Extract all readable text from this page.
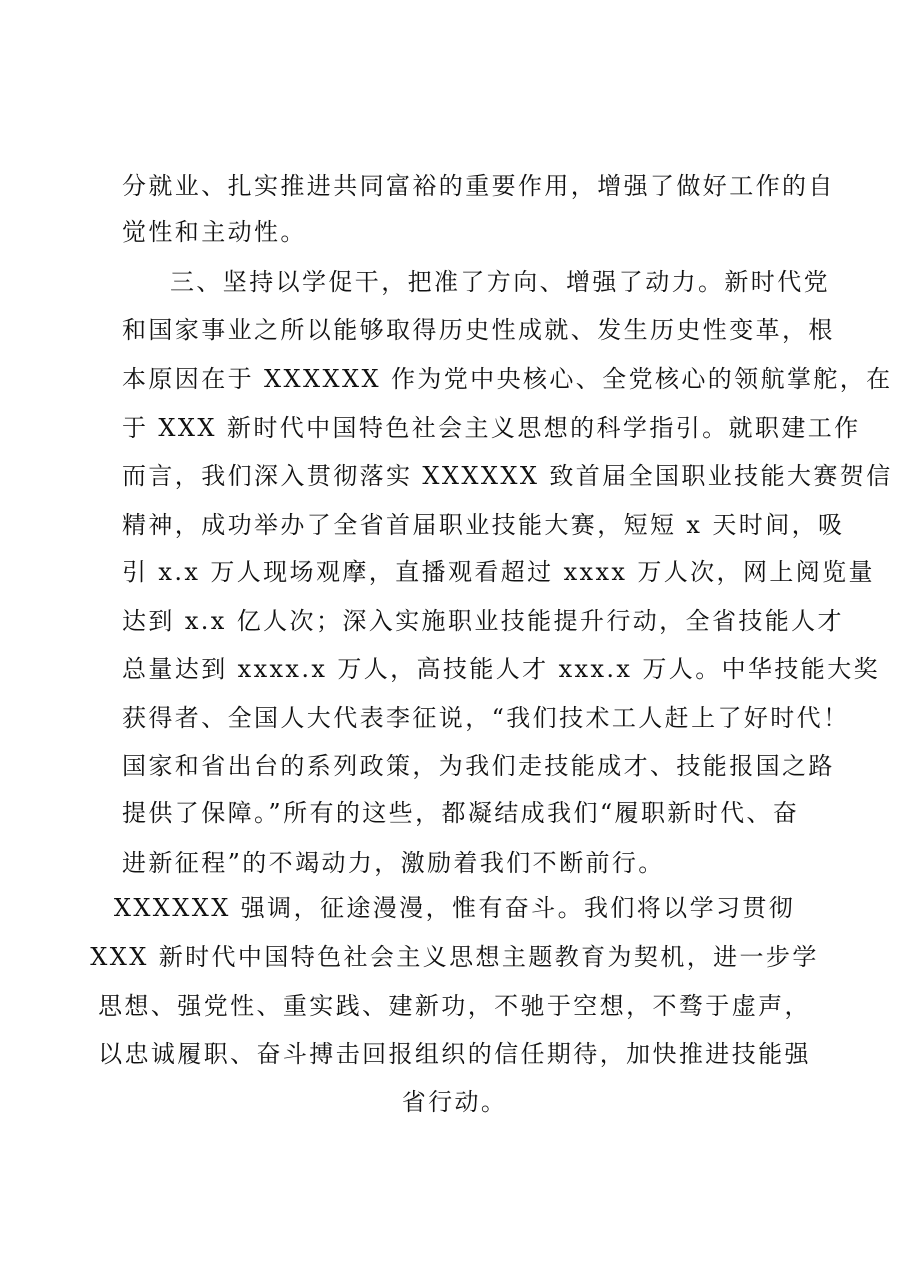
分就业、扎实推进共同富裕的重要作用，增强了做好工作的自
觉性和主动性。
三、坚持以学促干，把准了方向、增强了动力。新时代党
和国家事业之所以能够取得历史性成就、发生历史性变革，根
本原因在于 XXXXXX 作为党中央核心、全党核心的领航掌舵，在
于 XXX 新时代中国特色社会主义思想的科学指引。就职建工作
而言，我们深入贯彻落实 XXXXXX 致首届全国职业技能大赛贺信
精神，成功举办了全省首届职业技能大赛，短短 x 天时间，吸
引 x.x 万人现场观摩，直播观看超过 xxxx 万人次，网上阅览量
达到 x.x 亿人次；深入实施职业技能提升行动，全省技能人才
总量达到 xxxx.x 万人，高技能人才 xxx.x 万人。中华技能大奖
获得者、全国人大代表李征说，“我们技术工人赶上了好时代！
国家和省出台的系列政策，为我们走技能成才、技能报国之路
提供了保障。”所有的这些，都凝结成我们“履职新时代、奋
进新征程”的不竭动力，激励着我们不断前行。
XXXXXX 强调，征途漫漫，惟有奋斗。我们将以学习贯彻
XXX 新时代中国特色社会主义思想主题教育为契机，进一步学
思想、强党性、重实践、建新功，不驰于空想，不骛于虚声，
以忠诚履职、奋斗搏击回报组织的信任期待，加快推进技能强
省行动。
